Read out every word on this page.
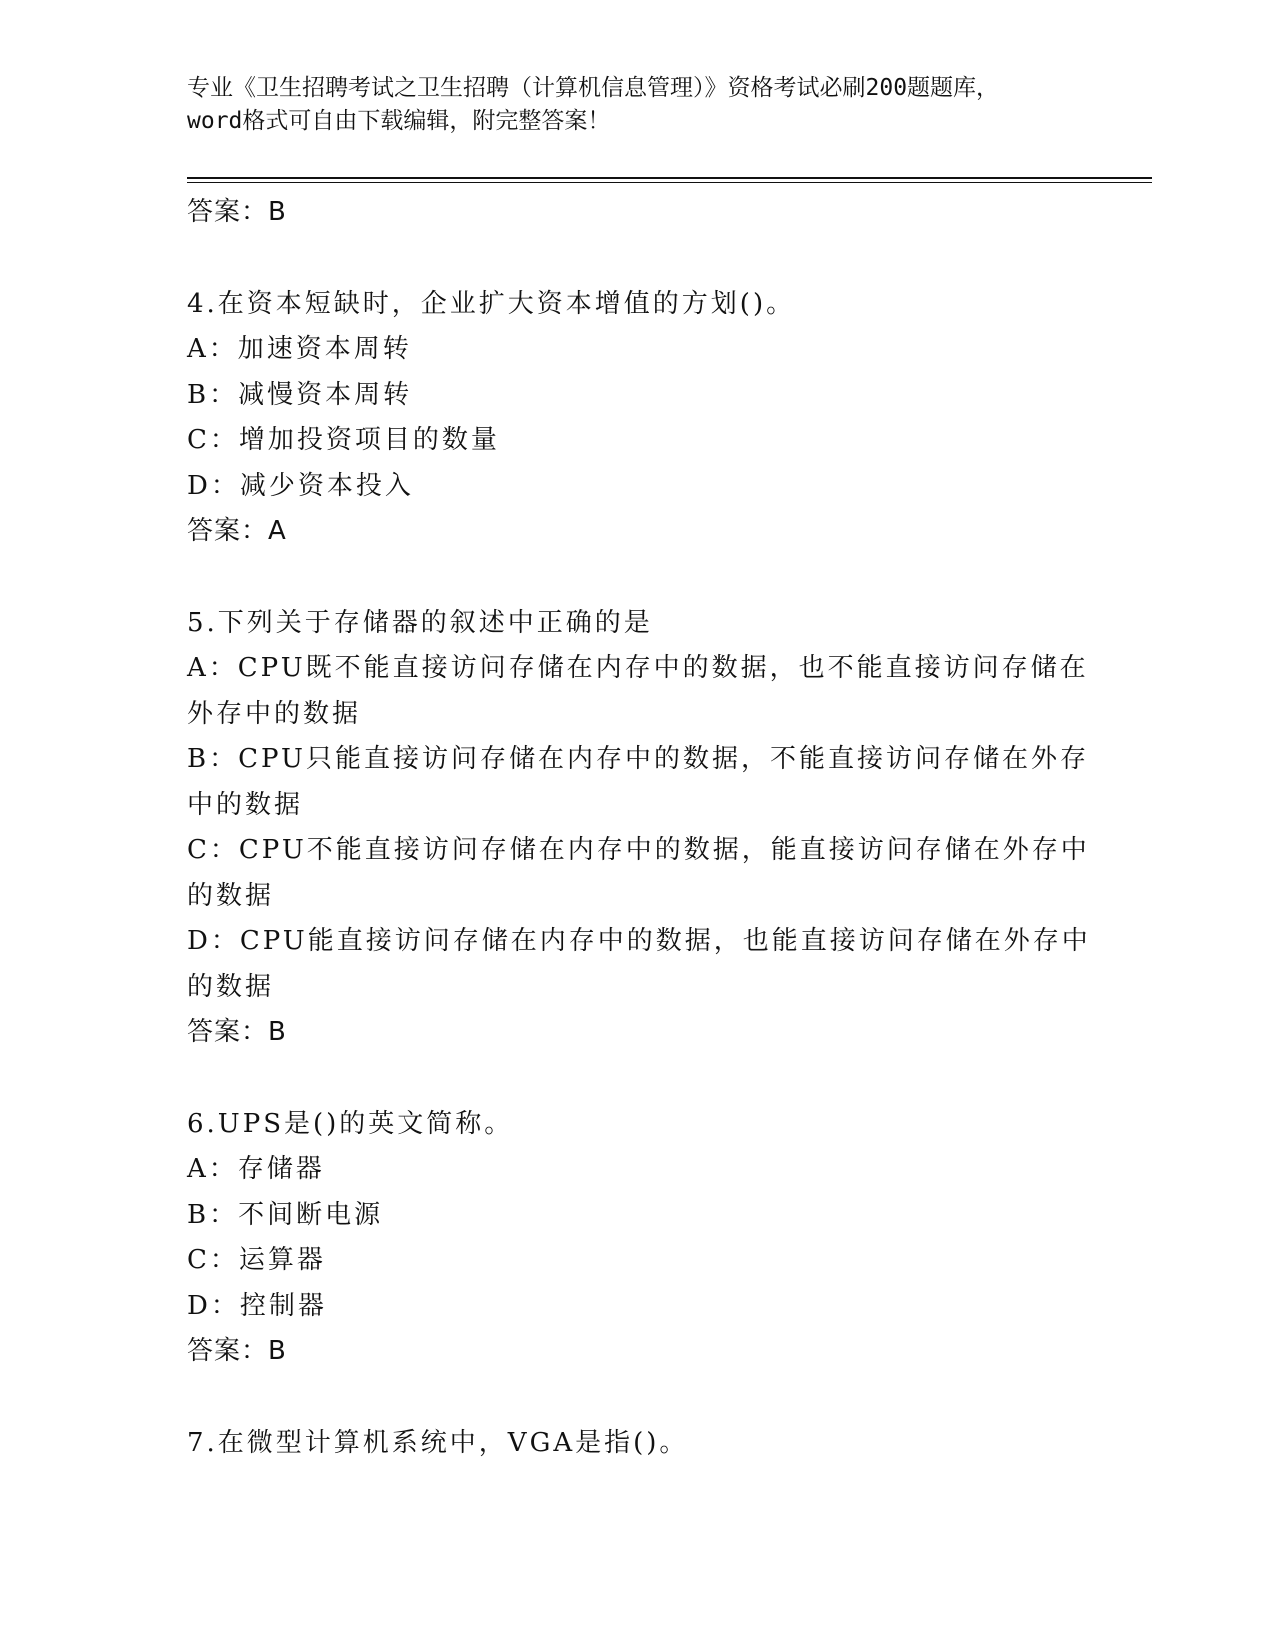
专业《卫生招聘考试之卫生招聘（计算机信息管理）》资格考试必刷200题题库，
word格式可自由下载编辑，附完整答案！
答案：B
4.在资本短缺时，企业扩大资本增值的方划()。
A：加速资本周转
B：减慢资本周转
C：增加投资项目的数量
D：减少资本投入
答案：A
5.下列关于存储器的叙述中正确的是
A：CPU既不能直接访问存储在内存中的数据，也不能直接访问存储在
外存中的数据
B：CPU只能直接访问存储在内存中的数据，不能直接访问存储在外存
中的数据
C：CPU不能直接访问存储在内存中的数据，能直接访问存储在外存中
的数据
D：CPU能直接访问存储在内存中的数据，也能直接访问存储在外存中
的数据
答案：B
6.UPS是()的英文简称。
A：存储器
B：不间断电源
C：运算器
D：控制器
答案：B
7.在微型计算机系统中，VGA是指()。
